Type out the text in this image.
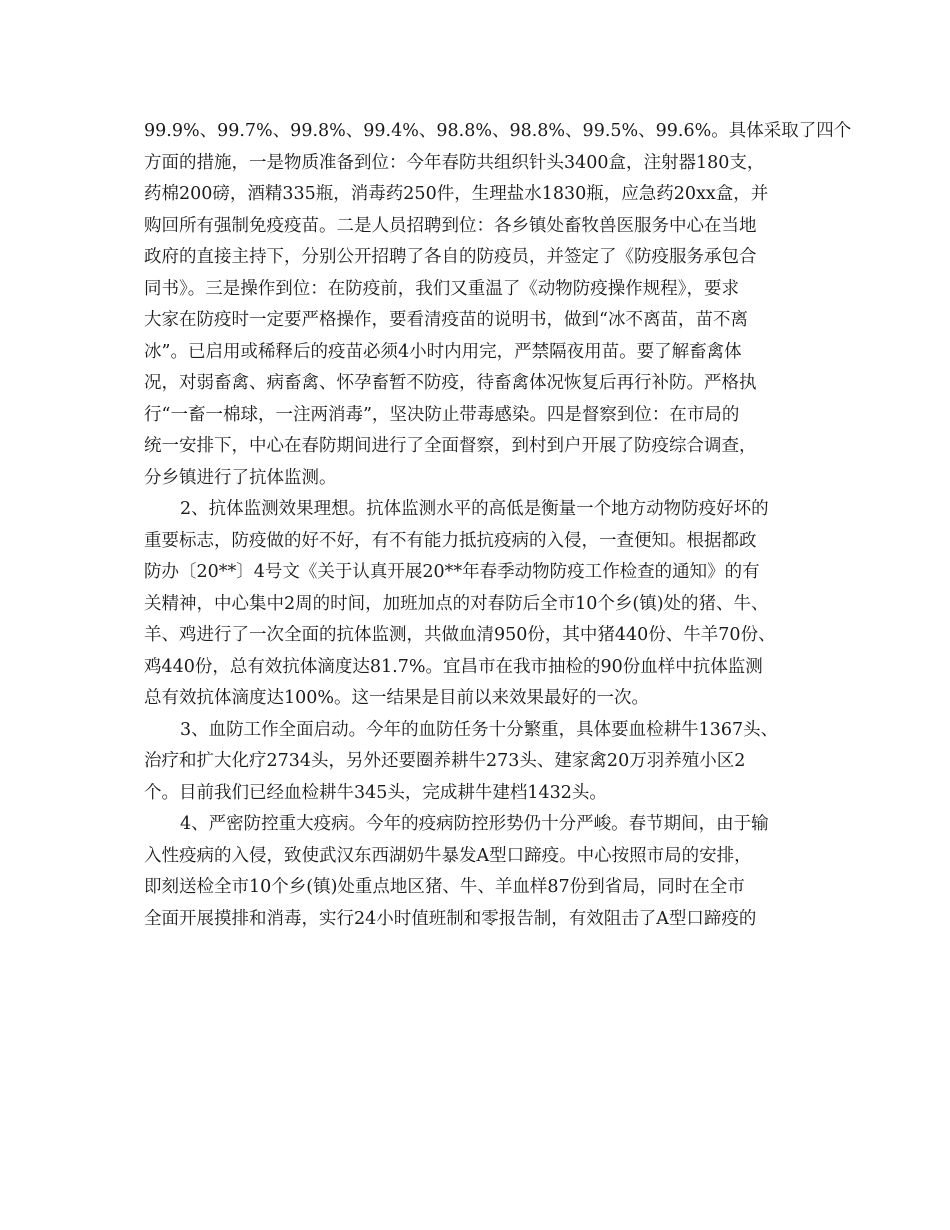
99.9%、99.7%、99.8%、99.4%、98.8%、98.8%、99.5%、99.6%。具体采取了四个
方面的措施，一是物质准备到位：今年春防共组织针头3400盒，注射器180支，
药棉200磅，酒精335瓶，消毒药250件，生理盐水1830瓶，应急药20xx盒，并
购回所有强制免疫疫苗。二是人员招聘到位：各乡镇处畜牧兽医服务中心在当地
政府的直接主持下，分别公开招聘了各自的防疫员，并签定了《防疫服务承包合
同书》。三是操作到位：在防疫前，我们又重温了《动物防疫操作规程》，要求
大家在防疫时一定要严格操作，要看清疫苗的说明书，做到“冰不离苗，苗不离
冰”。已启用或稀释后的疫苗必须4小时内用完，严禁隔夜用苗。要了解畜禽体
况，对弱畜禽、病畜禽、怀孕畜暂不防疫，待畜禽体况恢复后再行补防。严格执
行“一畜一棉球，一注两消毒”，坚决防止带毒感染。四是督察到位：在市局的
统一安排下，中心在春防期间进行了全面督察，到村到户开展了防疫综合调查，
分乡镇进行了抗体监测。
2、抗体监测效果理想。抗体监测水平的高低是衡量一个地方动物防疫好坏的
重要标志，防疫做的好不好，有不有能力抵抗疫病的入侵，一查便知。根据都政
防办〔20**〕4号文《关于认真开展20**年春季动物防疫工作检查的通知》的有
关精神，中心集中2周的时间，加班加点的对春防后全市10个乡(镇)处的猪、牛、
羊、鸡进行了一次全面的抗体监测，共做血清950份，其中猪440份、牛羊70份、
鸡440份，总有效抗体滴度达81.7%。宜昌市在我市抽检的90份血样中抗体监测
总有效抗体滴度达100%。这一结果是目前以来效果最好的一次。
3、血防工作全面启动。今年的血防任务十分繁重，具体要血检耕牛1367头、
治疗和扩大化疗2734头，另外还要圈养耕牛273头、建家禽20万羽养殖小区2
个。目前我们已经血检耕牛345头，完成耕牛建档1432头。
4、严密防控重大疫病。今年的疫病防控形势仍十分严峻。春节期间，由于输
入性疫病的入侵，致使武汉东西湖奶牛暴发A型口蹄疫。中心按照市局的安排，
即刻送检全市10个乡(镇)处重点地区猪、牛、羊血样87份到省局，同时在全市
全面开展摸排和消毒，实行24小时值班制和零报告制，有效阻击了A型口蹄疫的
